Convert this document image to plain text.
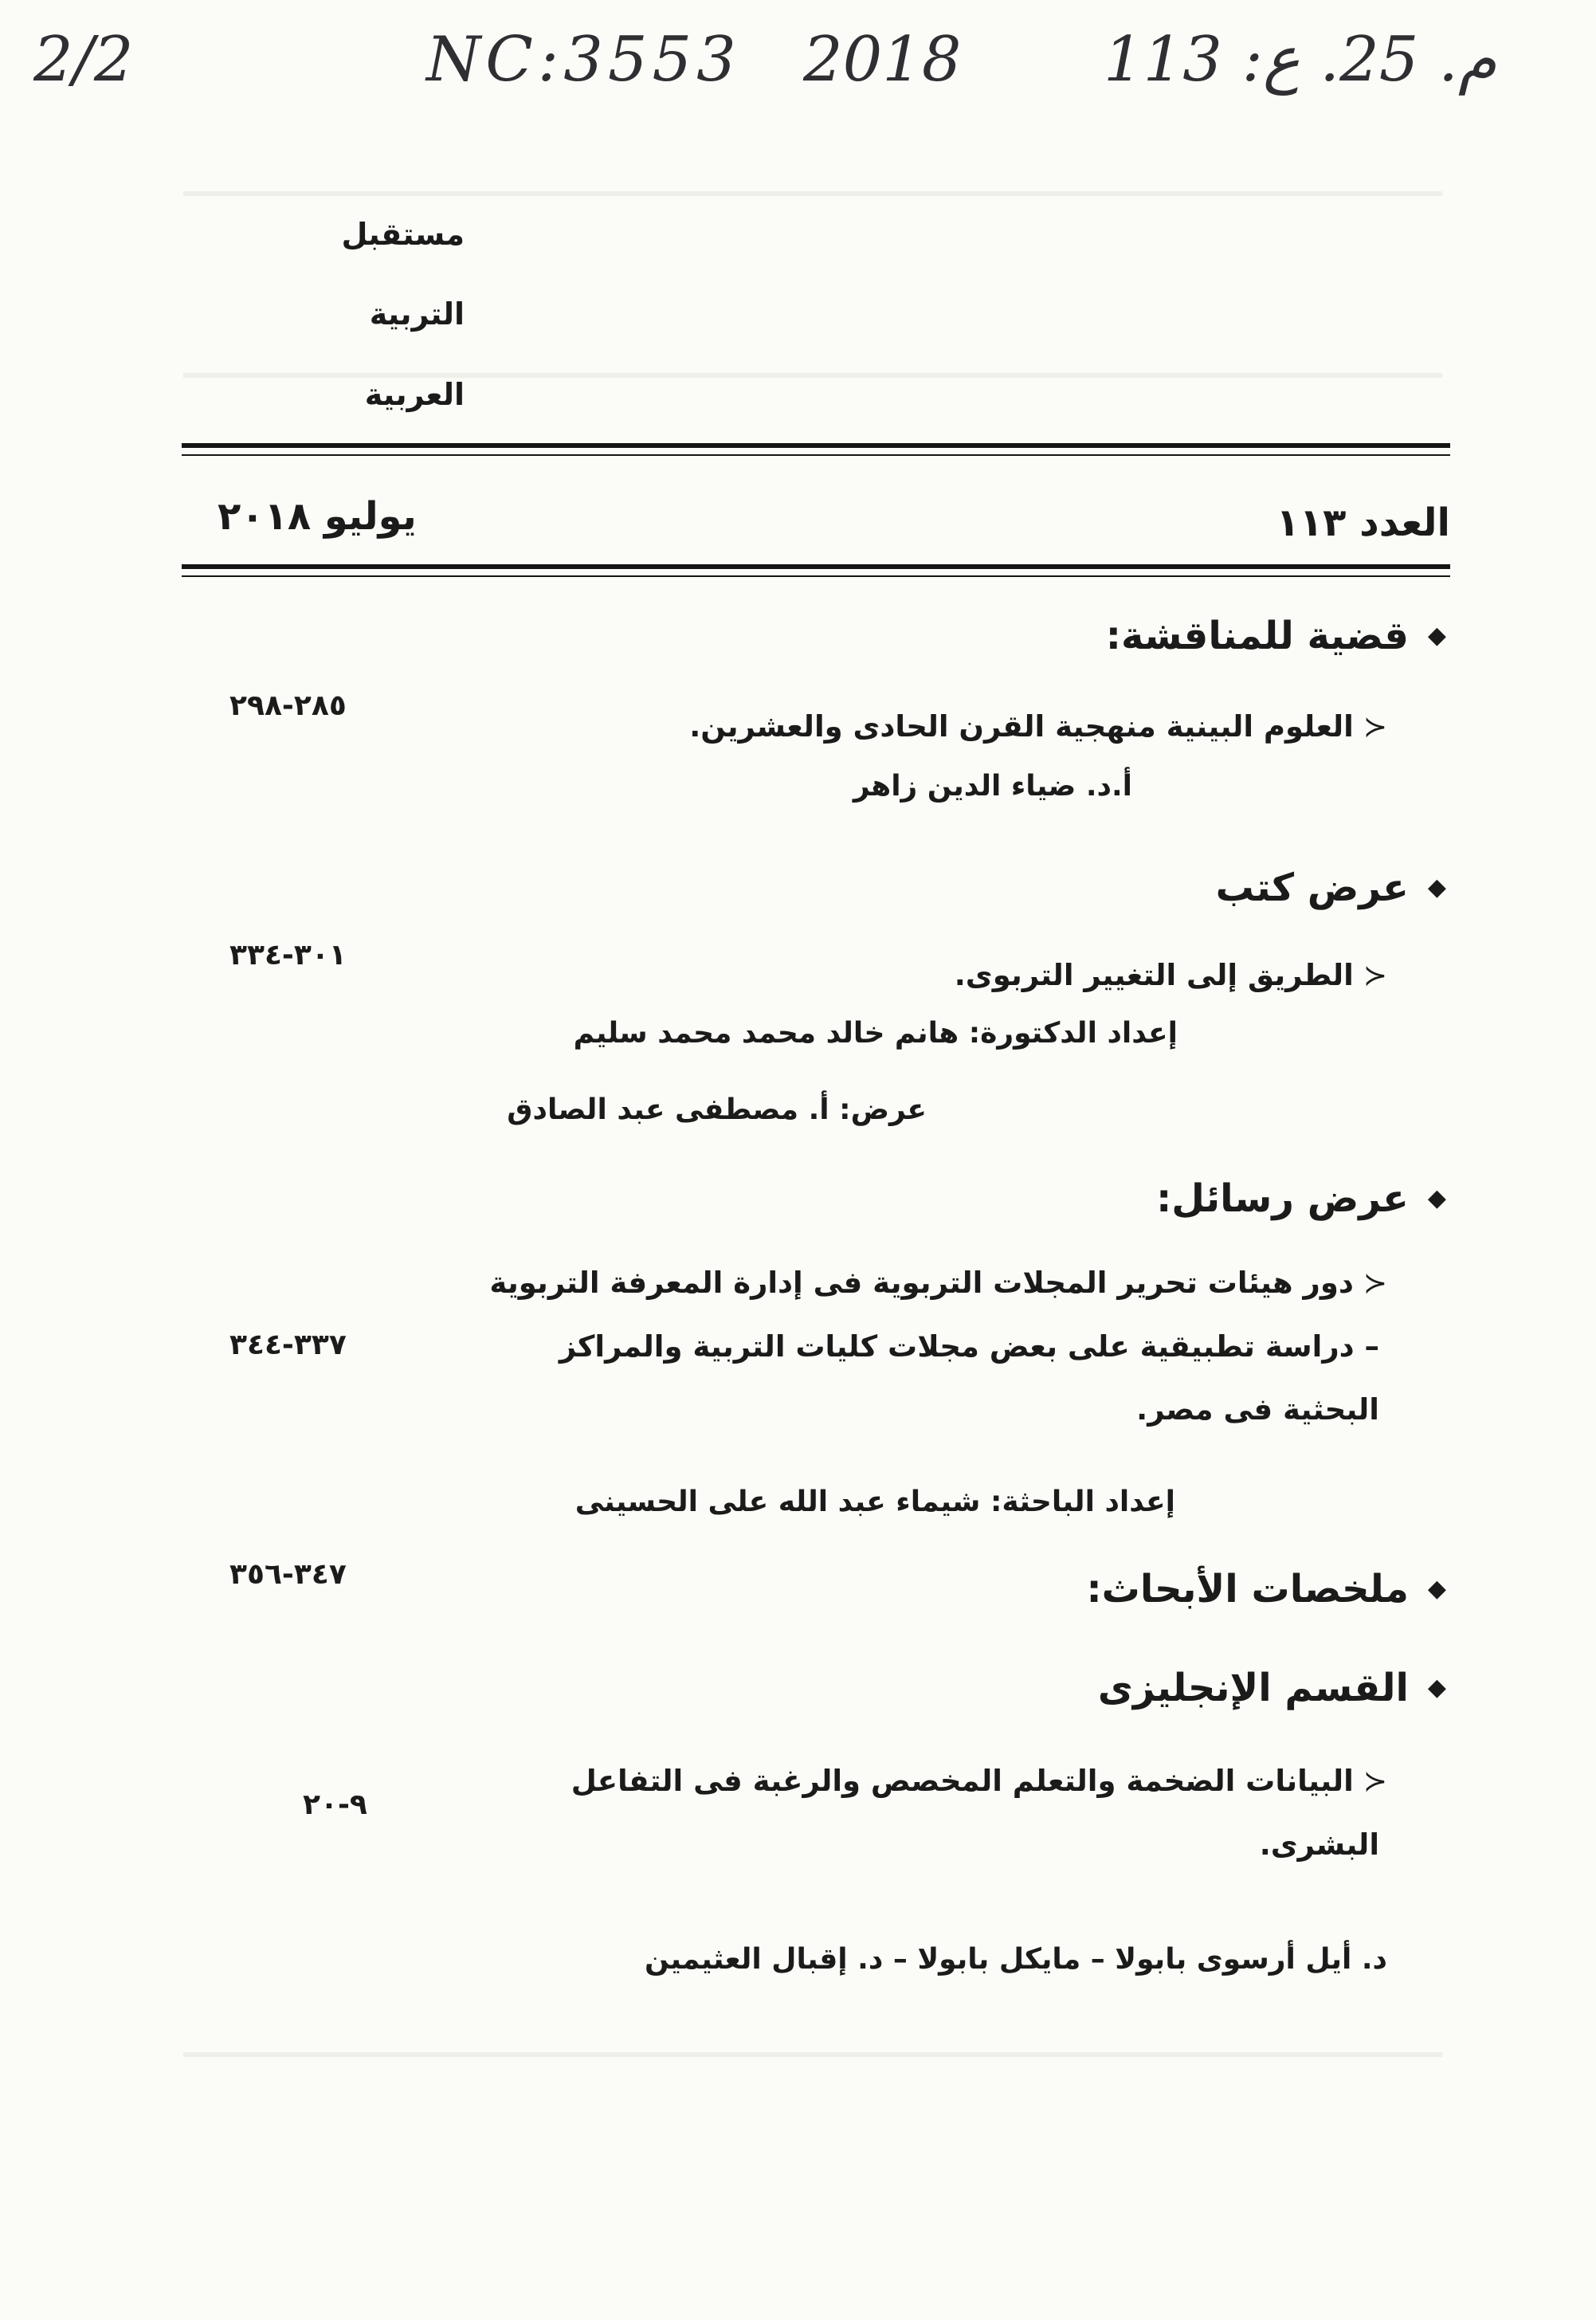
2/2	NC:3553 2018 م. 25. ع: 113
مستقبل
التربية
العربية
العدد ١١٣
يوليو ٢٠١٨
◆
قضية للمناقشة:
٢٨٥-٢٩٨
≺العلوم البينية منهجية القرن الحادى والعشرين.
أ.د. ضياء الدين زاهر
◆
عرض كتب
٣٠١-٣٣٤
≺الطريق إلى التغيير التربوى.
إعداد الدكتورة: هانم خالد محمد محمد سليم
عرض: أ. مصطفى عبد الصادق
◆
عرض رسائل:
≺دور هيئات تحرير المجلات التربوية فى إدارة المعرفة التربوية
– دراسة تطبيقية على بعض مجلات كليات التربية والمراكز
البحثية فى مصر.
٣٣٧-٣٤٤
إعداد الباحثة: شيماء عبد الله على الحسينى
◆
ملخصات الأبحاث:
٣٤٧-٣٥٦
◆
القسم الإنجليزى
≺البيانات الضخمة والتعلم المخصص والرغبة فى التفاعل
البشرى.
٩-٢٠
د. أيل أرسوى بابولا – مايكل بابولا – د. إقبال العثيمين
